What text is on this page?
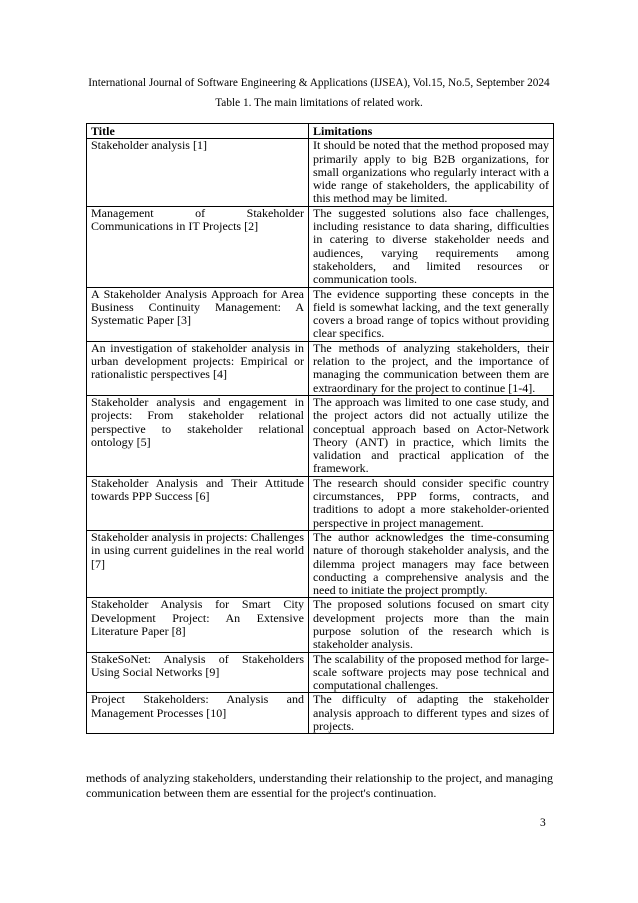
International Journal of Software Engineering & Applications (IJSEA), Vol.15, No.5, September 2024
Table 1. The main limitations of related work.
Title	Limitations
Stakeholder analysis [1]	It should be noted that the method proposed may primarily apply to big B2B organizations, for small organizations who regularly interact with a wide range of stakeholders, the applicability of this method may be limited.
Management of Stakeholder Communications in IT Projects [2]	The suggested solutions also face challenges, including resistance to data sharing, difficulties in catering to diverse stakeholder needs and audiences, varying requirements among stakeholders, and limited resources or communication tools.
A Stakeholder Analysis Approach for Area Business Continuity Management: A Systematic Paper [3]	The evidence supporting these concepts in the field is somewhat lacking, and the text generally covers a broad range of topics without providing clear specifics.
An investigation of stakeholder analysis in urban development projects: Empirical or rationalistic perspectives [4]	The methods of analyzing stakeholders, their relation to the project, and the importance of managing the communication between them are extraordinary for the project to continue [1-4].
Stakeholder analysis and engagement in projects: From stakeholder relational perspective to stakeholder relational ontology [5]	The approach was limited to one case study, and the project actors did not actually utilize the conceptual approach based on Actor-Network Theory (ANT) in practice, which limits the validation and practical application of the framework.
Stakeholder Analysis and Their Attitude towards PPP Success [6]	The research should consider specific country circumstances, PPP forms, contracts, and traditions to adopt a more stakeholder-oriented perspective in project management.
Stakeholder analysis in projects: Challenges in using current guidelines in the real world [7]	The author acknowledges the time-consuming nature of thorough stakeholder analysis, and the dilemma project managers may face between conducting a comprehensive analysis and the need to initiate the project promptly.
Stakeholder Analysis for Smart City Development Project: An Extensive Literature Paper [8]	The proposed solutions focused on smart city development projects more than the main purpose solution of the research which is stakeholder analysis.
StakeSoNet: Analysis of Stakeholders Using Social Networks [9]	The scalability of the proposed method for large-scale software projects may pose technical and computational challenges.
Project Stakeholders: Analysis and Management Processes [10]	The difficulty of adapting the stakeholder analysis approach to different types and sizes of projects.

methods of analyzing stakeholders, understanding their relationship to the project, and managing communication between them are essential for the project's continuation.

3
